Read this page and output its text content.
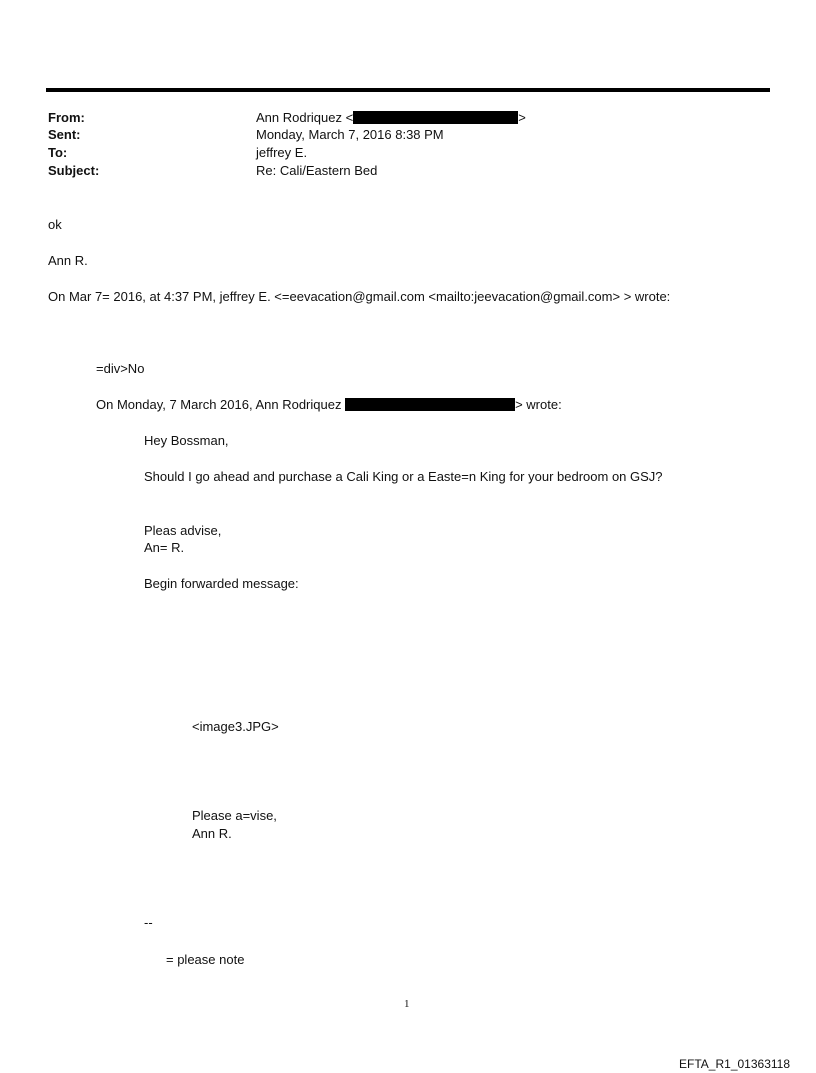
From:	Ann Rodriquez <	>
Sent:	Monday, March 7, 2016 8:38 PM
To:	jeffrey E.
Subject:	Re: Cali/Eastern Bed
ok
Ann R.
On Mar 7= 2016, at 4:37 PM, jeffrey E. <=eevacation@gmail.com <mailto:jeevacation@gmail.com> > wrote:
=div>No
On Monday, 7 March 2016, Ann Rodriquez	> wrote:
Hey Bossman,
Should I go ahead and purchase a Cali King or a Easte=n King for your bedroom on GSJ?
Pleas advise,
An= R.
Begin forwarded message:
<image3.JPG>
Please a=vise,
Ann R.
--
= please note
1
EFTA_R1_01363118
